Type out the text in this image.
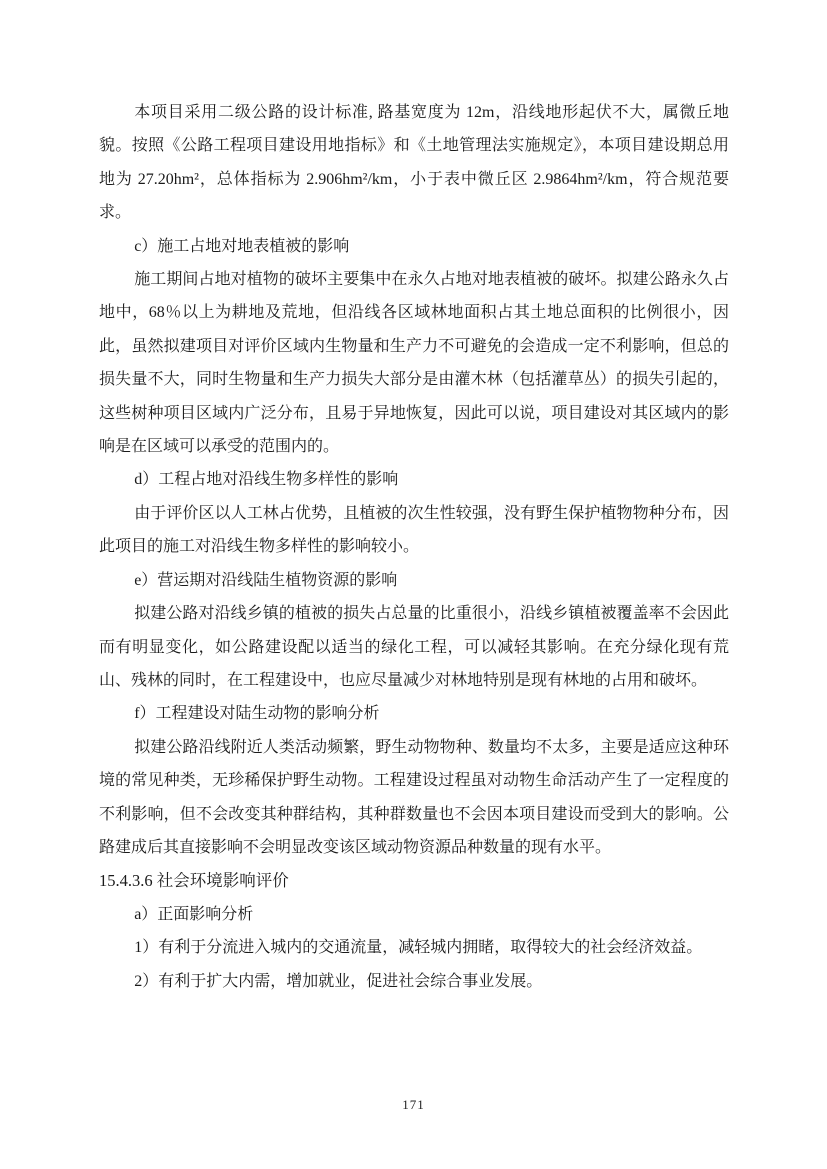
本项目采用二级公路的设计标准, 路基宽度为 12m，沿线地形起伏不大，属微丘地貌。按照《公路工程项目建设用地指标》和《土地管理法实施规定》，本项目建设期总用地为 27.20hm²，总体指标为 2.906hm²/km，小于表中微丘区 2.9864hm²/km，符合规范要求。

c）施工占地对地表植被的影响

施工期间占地对植物的破坏主要集中在永久占地对地表植被的破坏。拟建公路永久占地中，68％以上为耕地及荒地，但沿线各区域林地面积占其土地总面积的比例很小，因此，虽然拟建项目对评价区域内生物量和生产力不可避免的会造成一定不利影响，但总的损失量不大，同时生物量和生产力损失大部分是由灌木林（包括灌草丛）的损失引起的，这些树种项目区域内广泛分布，且易于异地恢复，因此可以说，项目建设对其区域内的影响是在区域可以承受的范围内的。

d）工程占地对沿线生物多样性的影响

由于评价区以人工林占优势，且植被的次生性较强，没有野生保护植物物种分布，因此项目的施工对沿线生物多样性的影响较小。

e）营运期对沿线陆生植物资源的影响

拟建公路对沿线乡镇的植被的损失占总量的比重很小，沿线乡镇植被覆盖率不会因此而有明显变化，如公路建设配以适当的绿化工程，可以减轻其影响。在充分绿化现有荒山、残林的同时，在工程建设中，也应尽量减少对林地特别是现有林地的占用和破坏。

f）工程建设对陆生动物的影响分析

拟建公路沿线附近人类活动频繁，野生动物物种、数量均不太多，主要是适应这种环境的常见种类，无珍稀保护野生动物。工程建设过程虽对动物生命活动产生了一定程度的不利影响，但不会改变其种群结构，其种群数量也不会因本项目建设而受到大的影响。公路建成后其直接影响不会明显改变该区域动物资源品种数量的现有水平。

15.4.3.6 社会环境影响评价

a）正面影响分析

1）有利于分流进入城内的交通流量，减轻城内拥睹，取得较大的社会经济效益。

2）有利于扩大内需，增加就业，促进社会综合事业发展。

171
